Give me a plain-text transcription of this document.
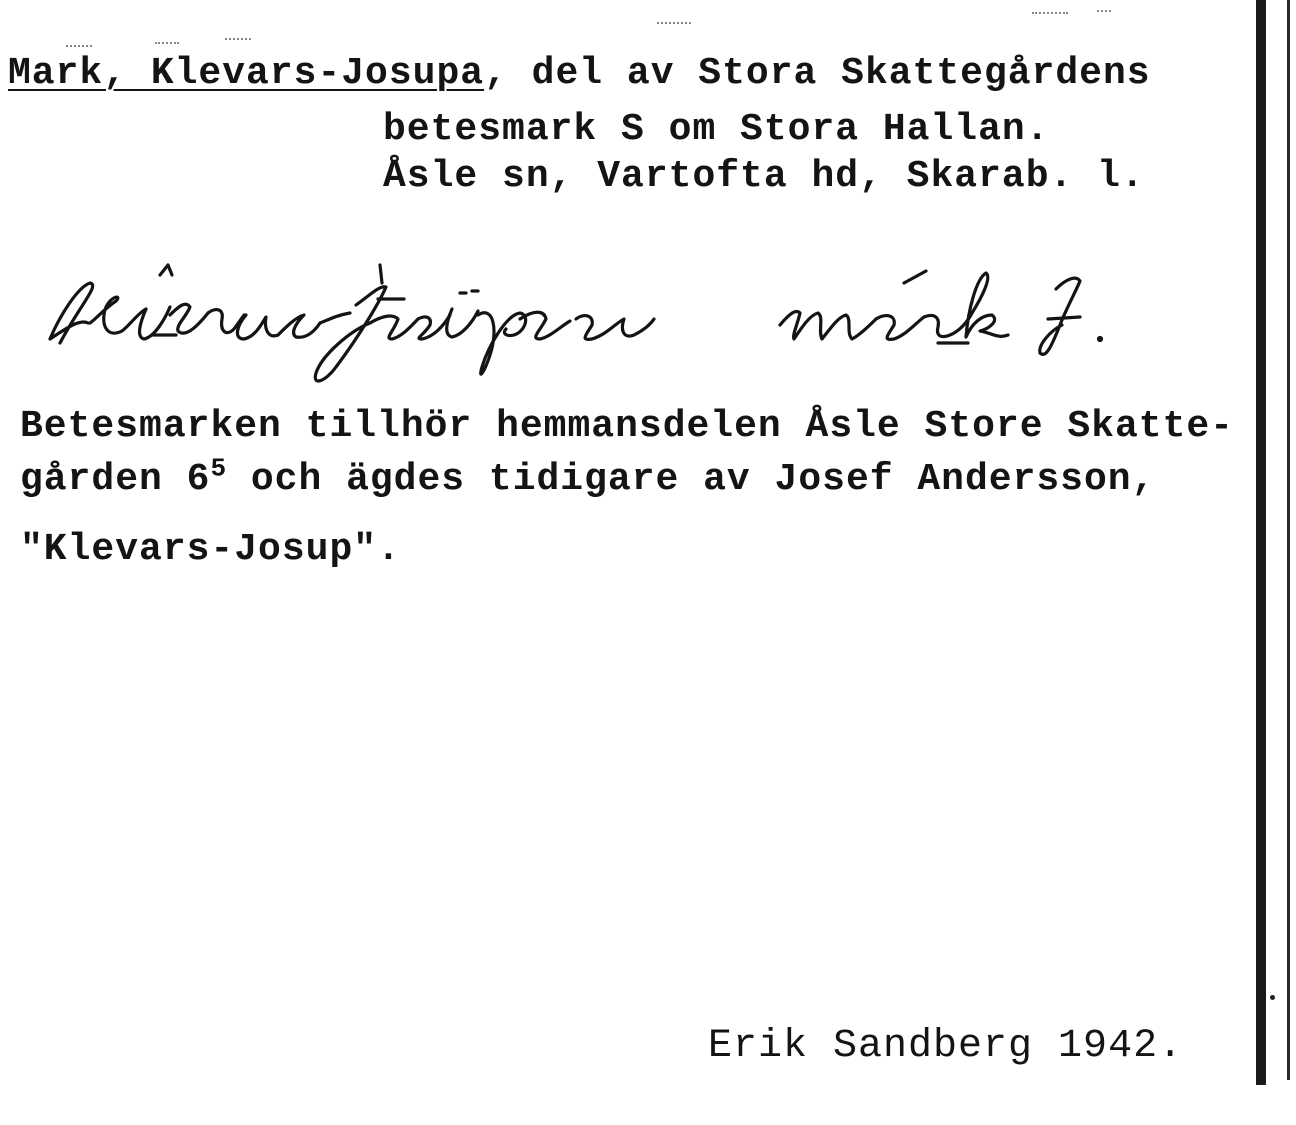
Mark, Klevars-Josupa, del av Stora Skattegårdens
betesmark S om Stora Hallan.
Åsle sn, Vartofta hd, Skarab. l.
Betesmarken tillhör hemmansdelen Åsle Store Skatte-
gården $6^5$ och ägdes tidigare av Josef Andersson,
"Klevars-Josup".
Erik Sandberg 1942.
